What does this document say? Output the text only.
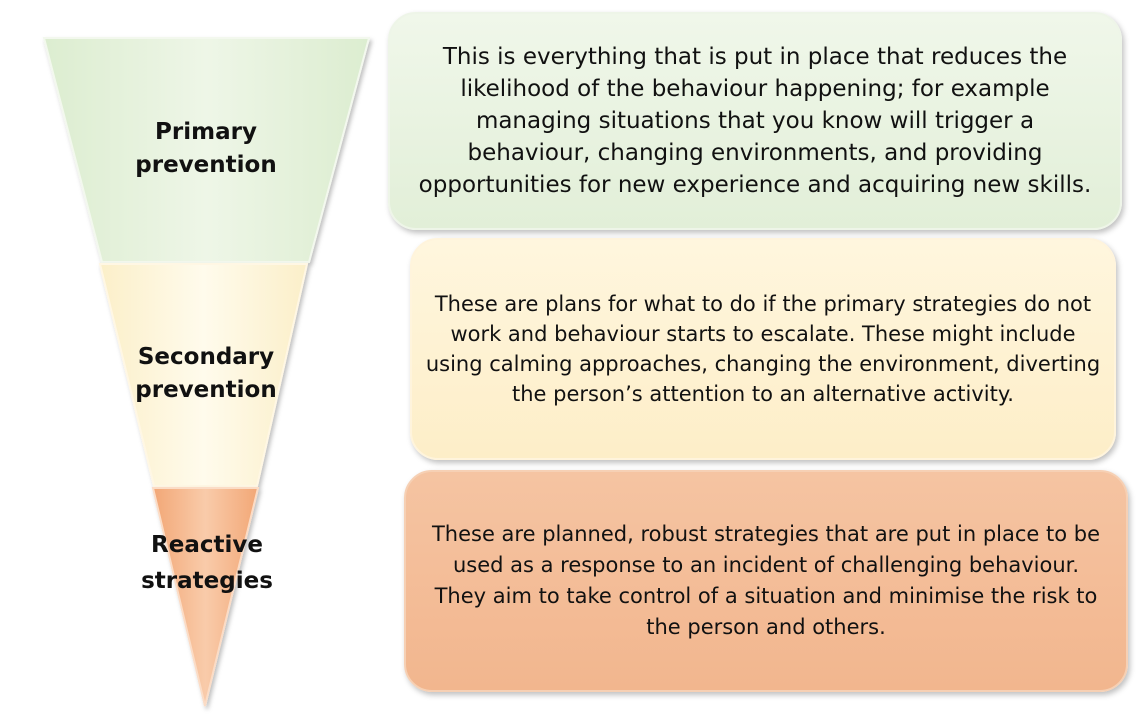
Primary
prevention
Secondary
prevention
Reactive
strategies

This is everything that is put in place that reduces the likelihood of the behaviour happening; for example managing situations that you know will trigger a behaviour, changing environments, and providing opportunities for new experience and acquiring new skills.

These are plans for what to do if the primary strategies do not work and behaviour starts to escalate. These might include using calming approaches, changing the environment, diverting the person’s attention to an alternative activity.

These are planned, robust strategies that are put in place to be used as a response to an incident of challenging behaviour. They aim to take control of a situation and minimise the risk to the person and others.
